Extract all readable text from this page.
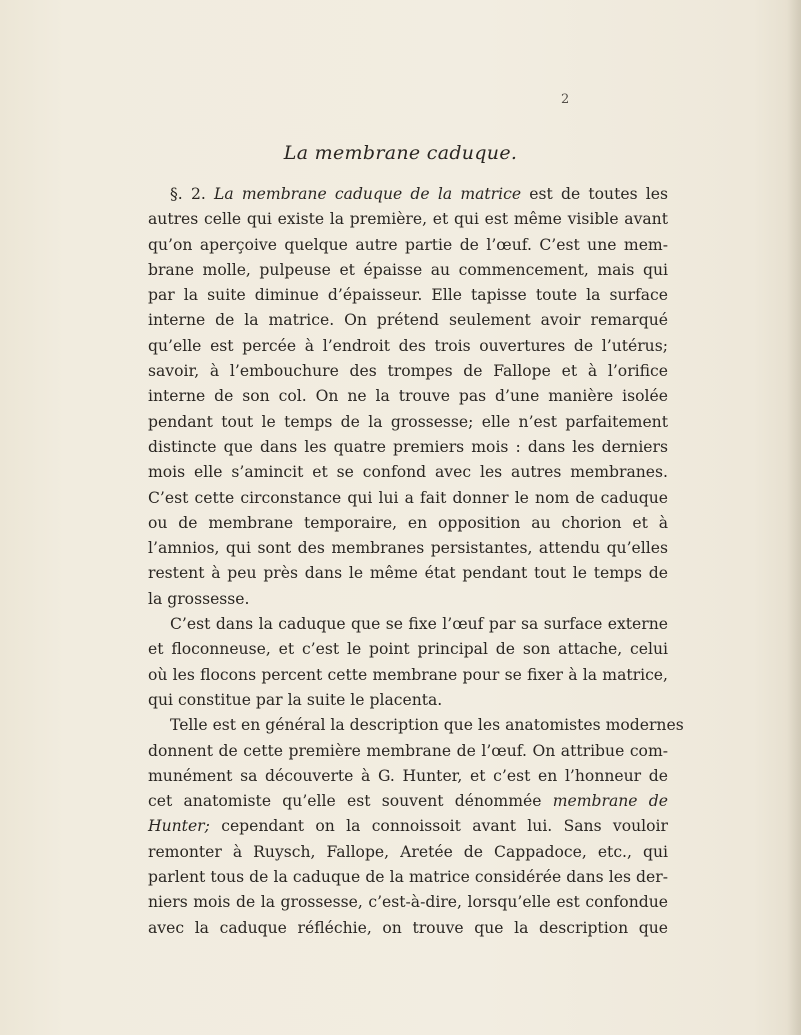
2
La membrane caduque.

§. 2. La membrane caduque de la matrice est de toutes les
autres celle qui existe la première, et qui est même visible avant
qu’on aperçoive quelque autre partie de l’œuf. C’est une mem-
brane molle, pulpeuse et épaisse au commencement, mais qui
par la suite diminue d’épaisseur. Elle tapisse toute la surface
interne de la matrice. On prétend seulement avoir remarqué
qu’elle est percée à l’endroit des trois ouvertures de l’utérus;
savoir, à l’embouchure des trompes de Fallope et à l’orifice
interne de son col. On ne la trouve pas d’une manière isolée
pendant tout le temps de la grossesse; elle n’est parfaitement
distincte que dans les quatre premiers mois : dans les derniers
mois elle s’amincit et se confond avec les autres membranes.
C’est cette circonstance qui lui a fait donner le nom de caduque
ou de membrane temporaire, en opposition au chorion et à
l’amnios, qui sont des membranes persistantes, attendu qu’elles
restent à peu près dans le même état pendant tout le temps de
la grossesse.

C’est dans la caduque que se fixe l’œuf par sa surface externe
et floconneuse, et c’est le point principal de son attache, celui
où les flocons percent cette membrane pour se fixer à la matrice,
qui constitue par la suite le placenta.

Telle est en général la description que les anatomistes modernes
donnent de cette première membrane de l’œuf. On attribue com-
munément sa découverte à G. Hunter, et c’est en l’honneur de
cet anatomiste qu’elle est souvent dénommée membrane de
Hunter; cependant on la connoissoit avant lui. Sans vouloir
remonter à Ruysch, Fallope, Aretée de Cappadoce, etc., qui
parlent tous de la caduque de la matrice considérée dans les der-
niers mois de la grossesse, c’est-à-dire, lorsqu’elle est confondue
avec la caduque réfléchie, on trouve que la description que
